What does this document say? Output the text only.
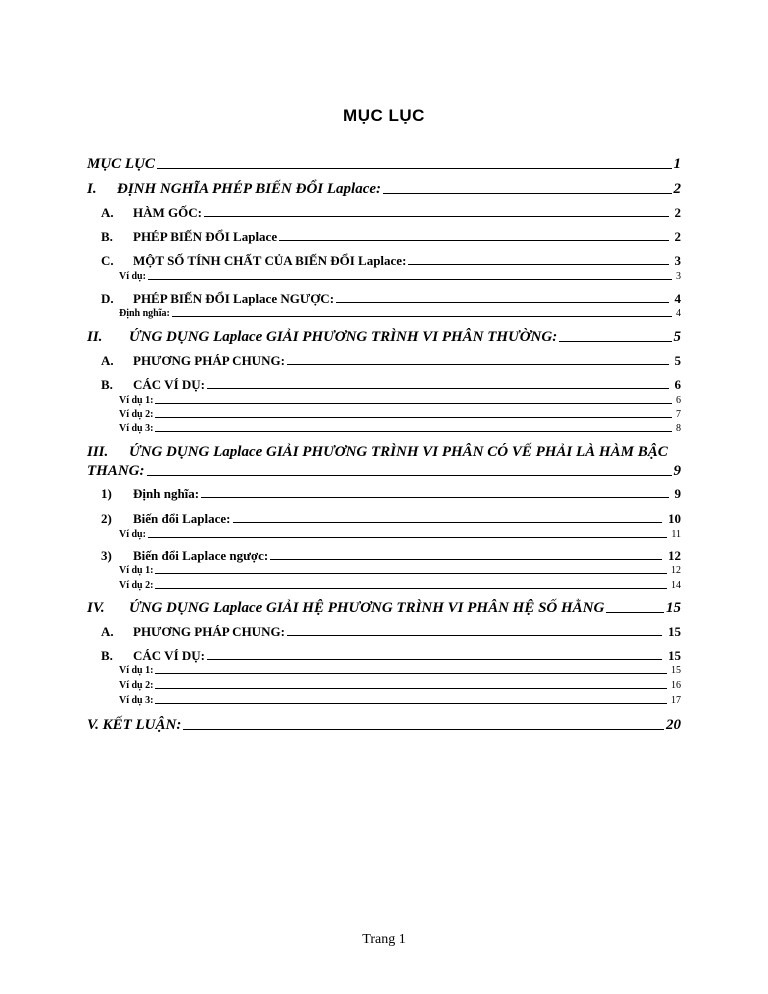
MỤC LỤC
MỤC LỤC	1
I. ĐỊNH NGHĨA PHÉP BIẾN ĐỔI Laplace:	2
A. HÀM GỐC:	2
B. PHÉP BIẾN ĐỔI Laplace	2
C. MỘT SỐ TÍNH CHẤT CỦA BIẾN ĐỔI Laplace:	3
Ví dụ:	3
D. PHÉP BIẾN ĐỔI Laplace NGƯỢC:	4
Định nghĩa:	4
II. ỨNG DỤNG Laplace GIẢI PHƯƠNG TRÌNH VI PHÂN THƯỜNG:	5
A. PHƯƠNG PHÁP CHUNG:	5
B. CÁC VÍ DỤ:	6
Ví dụ 1:	6
Ví dụ 2:	7
Ví dụ 3:	8
III. ỨNG DỤNG Laplace GIẢI PHƯƠNG TRÌNH VI PHÂN CÓ VẾ PHẢI LÀ HÀM BẬC
THANG:	9
1) Định nghĩa:	9
2) Biến đổi Laplace:	10
Ví dụ:	11
3) Biến đổi Laplace ngược:	12
Ví dụ 1:	12
Ví dụ 2:	14
IV. ỨNG DỤNG Laplace GIẢI HỆ PHƯƠNG TRÌNH VI PHÂN HỆ SỐ HẰNG	15
A. PHƯƠNG PHÁP CHUNG:	15
B. CÁC VÍ DỤ:	15
Ví dụ 1:	15
Ví dụ 2:	16
Ví dụ 3:	17
V. KẾT LUẬN:	20
Trang 1
